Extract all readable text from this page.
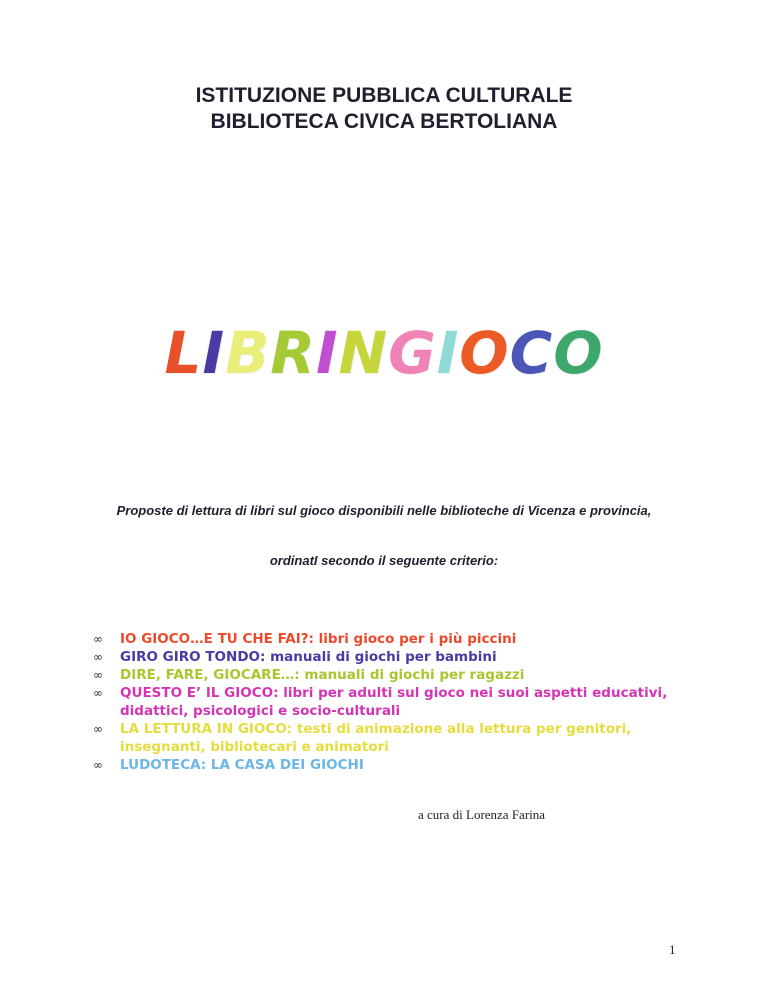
ISTITUZIONE PUBBLICA CULTURALE
BIBLIOTECA CIVICA BERTOLIANA
LIBRINGIOCO
Proposte di lettura di libri sul gioco disponibili nelle biblioteche di Vicenza e provincia,
ordinatI secondo il seguente criterio:
∞ IO GIOCO…E TU CHE FAI?: libri gioco per i più piccini
∞ GIRO GIRO TONDO: manuali di giochi per bambini
∞ DIRE, FARE, GIOCARE…: manuali di giochi per ragazzi
∞ QUESTO E’ IL GIOCO: libri per adulti sul gioco nei suoi aspetti educativi, didattici, psicologici e socio-culturali
∞ LA LETTURA IN GIOCO: testi di animazione alla lettura per genitori, insegnanti, bibliotecari e animatori
∞ LUDOTECA: LA CASA DEI GIOCHI
a cura di Lorenza Farina
1
